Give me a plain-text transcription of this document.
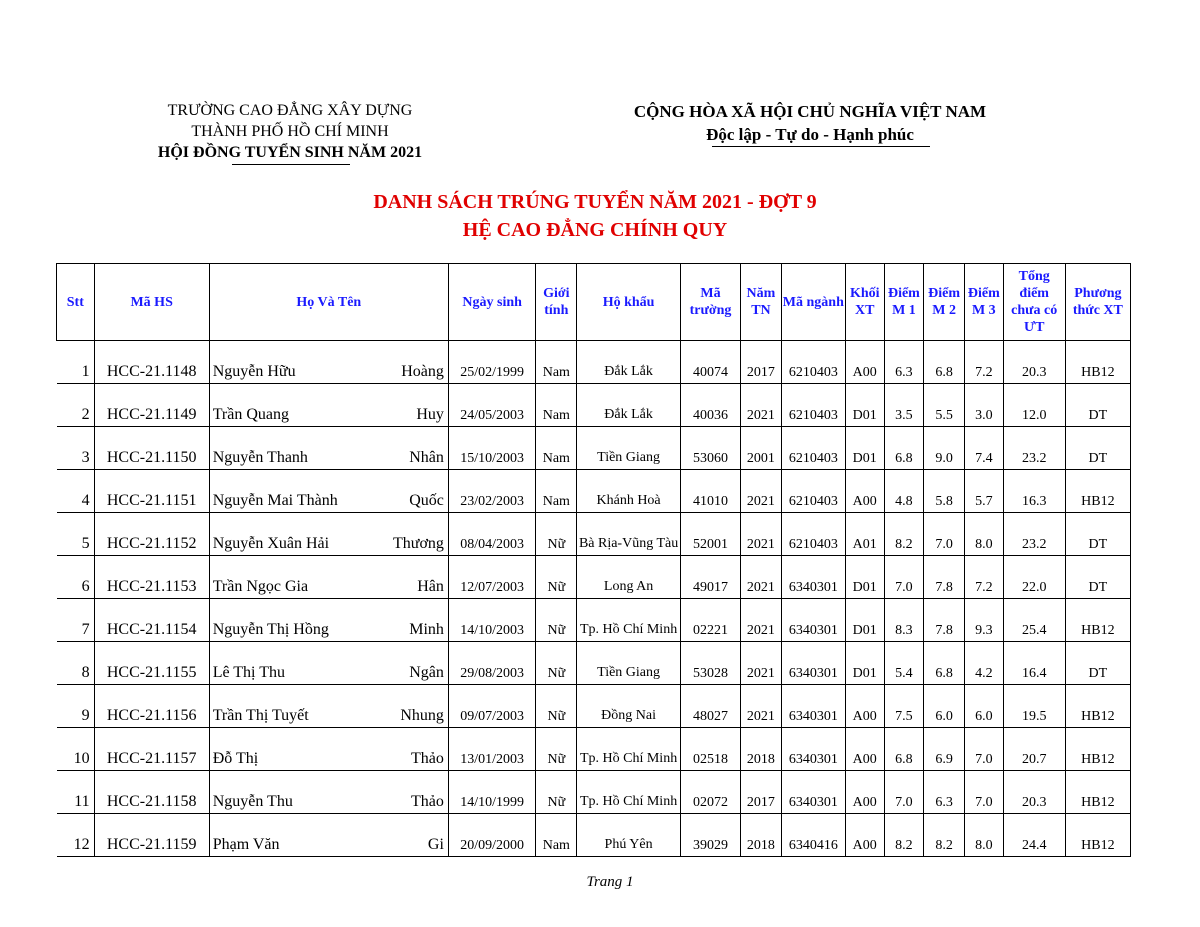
TRƯỜNG CAO ĐẲNG XÂY DỰNG
THÀNH PHỐ HỒ CHÍ MINH
HỘI ĐỒNG TUYỂN SINH NĂM 2021
CỘNG HÒA XÃ HỘI CHỦ NGHĨA VIỆT NAM
Độc lập - Tự do - Hạnh phúc
DANH SÁCH TRÚNG TUYỂN NĂM 2021 - ĐỢT 9
HỆ CAO ĐẲNG CHÍNH QUY
Stt	Mã HS	Họ Và Tên		Ngày sinh	Giới tính	Hộ khẩu	Mã trường	Năm TN	Mã ngành	Khối XT	Điểm M 1	Điểm M 2	Điểm M 3	Tổng điểm chưa có ƯT	Phương thức XT
1	HCC-21.1148	Nguyễn Hữu	Hoàng	25/02/1999	Nam	Đắk Lắk	40074	2017	6210403	A00	6.3	6.8	7.2	20.3	HB12
2	HCC-21.1149	Trần Quang	Huy	24/05/2003	Nam	Đắk Lắk	40036	2021	6210403	D01	3.5	5.5	3.0	12.0	DT
3	HCC-21.1150	Nguyễn Thanh	Nhân	15/10/2003	Nam	Tiền Giang	53060	2001	6210403	D01	6.8	9.0	7.4	23.2	DT
4	HCC-21.1151	Nguyễn Mai Thành	Quốc	23/02/2003	Nam	Khánh Hoà	41010	2021	6210403	A00	4.8	5.8	5.7	16.3	HB12
5	HCC-21.1152	Nguyễn Xuân Hải	Thương	08/04/2003	Nữ	Bà Rịa-Vũng Tàu	52001	2021	6210403	A01	8.2	7.0	8.0	23.2	DT
6	HCC-21.1153	Trần Ngọc Gia	Hân	12/07/2003	Nữ	Long An	49017	2021	6340301	D01	7.0	7.8	7.2	22.0	DT
7	HCC-21.1154	Nguyễn Thị Hồng	Minh	14/10/2003	Nữ	Tp. Hồ Chí Minh	02221	2021	6340301	D01	8.3	7.8	9.3	25.4	HB12
8	HCC-21.1155	Lê Thị Thu	Ngân	29/08/2003	Nữ	Tiền Giang	53028	2021	6340301	D01	5.4	6.8	4.2	16.4	DT
9	HCC-21.1156	Trần Thị Tuyết	Nhung	09/07/2003	Nữ	Đồng Nai	48027	2021	6340301	A00	7.5	6.0	6.0	19.5	HB12
10	HCC-21.1157	Đỗ Thị	Thảo	13/01/2003	Nữ	Tp. Hồ Chí Minh	02518	2018	6340301	A00	6.8	6.9	7.0	20.7	HB12
11	HCC-21.1158	Nguyễn Thu	Thảo	14/10/1999	Nữ	Tp. Hồ Chí Minh	02072	2017	6340301	A00	7.0	6.3	7.0	20.3	HB12
12	HCC-21.1159	Phạm Văn	Gi	20/09/2000	Nam	Phú Yên	39029	2018	6340416	A00	8.2	8.2	8.0	24.4	HB12
Trang 1
